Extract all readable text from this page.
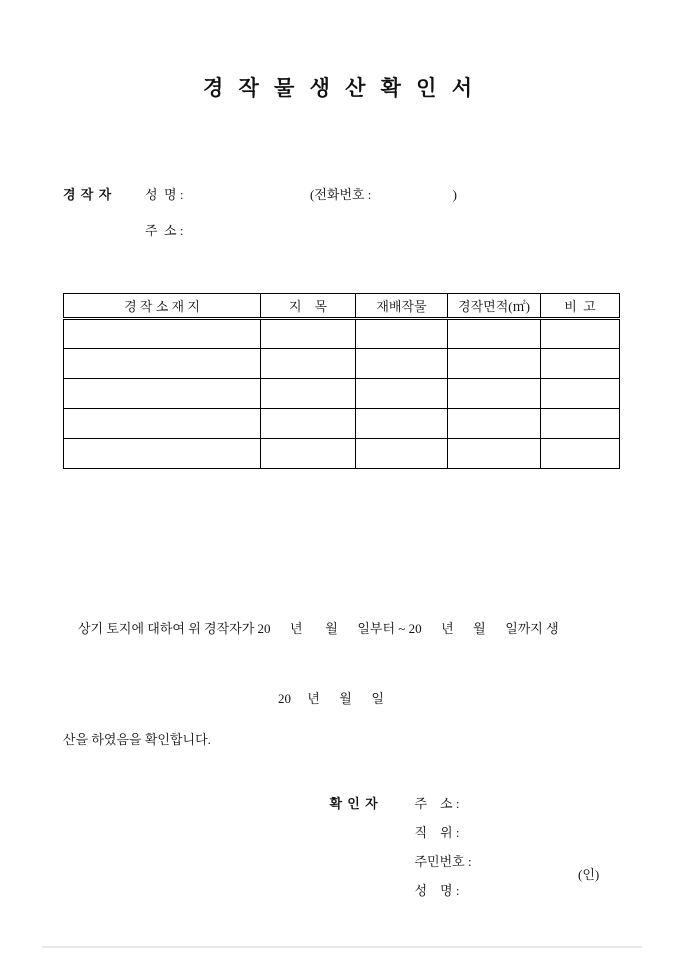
경 작 물 생 산 확 인 서
경 작 자	성  명 :	(전화번호 :                         )
주  소 :
경 작 소 재 지	지    목	재배작물	경작면적(㎡)	비  고

상기 토지에 대하여 위 경작자가 20      년       월      일부터 ~ 20      년      월      일까지 생

산을 하였음을 확인합니다.

20     년      월      일

확 인 자	주    소 :

직    위 :

주민번호 :

성    명 :

(인)
